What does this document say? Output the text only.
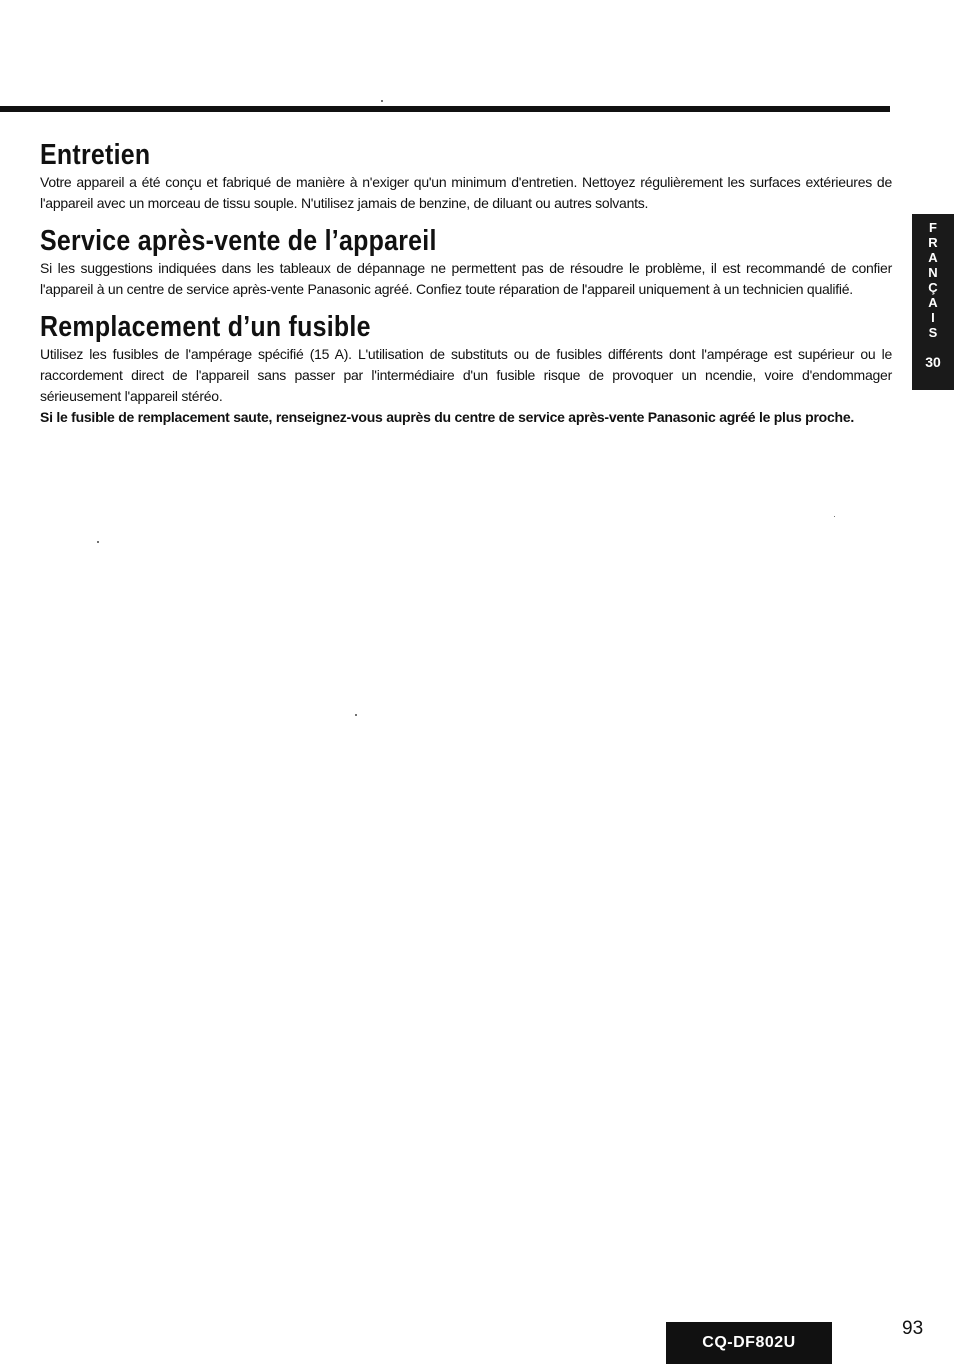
Entretien

Votre appareil a été conçu et fabriqué de manière à n'exiger qu'un minimum d'entretien. Nettoyez régulièrement les surfaces extérieures de l'appareil avec un morceau de tissu souple. N'utilisez jamais de benzine, de diluant ou autres solvants.

Service après-vente de l’appareil

Si les suggestions indiquées dans les tableaux de dépannage ne permettent pas de résoudre le problème, il est recommandé de confier l'appareil à un centre de service après-vente Panasonic agréé. Confiez toute réparation de l'appareil uniquement à un technicien qualifié.

Remplacement d’un fusible

Utilisez les fusibles de l'ampérage spécifié (15 A). L'utilisation de substituts ou de fusibles différents dont l'ampérage est supérieur ou le raccordement direct de l'appareil sans passer par l'intermédiaire d'un fusible risque de provoquer un ncendie, voire d'endommager sérieusement l'appareil stéréo.

Si le fusible de remplacement saute, renseignez-vous auprès du centre de service après-vente Panasonic agréé le plus proche.

F
R
A
N
Ç
A
I
S
30
CQ-DF802U
93
